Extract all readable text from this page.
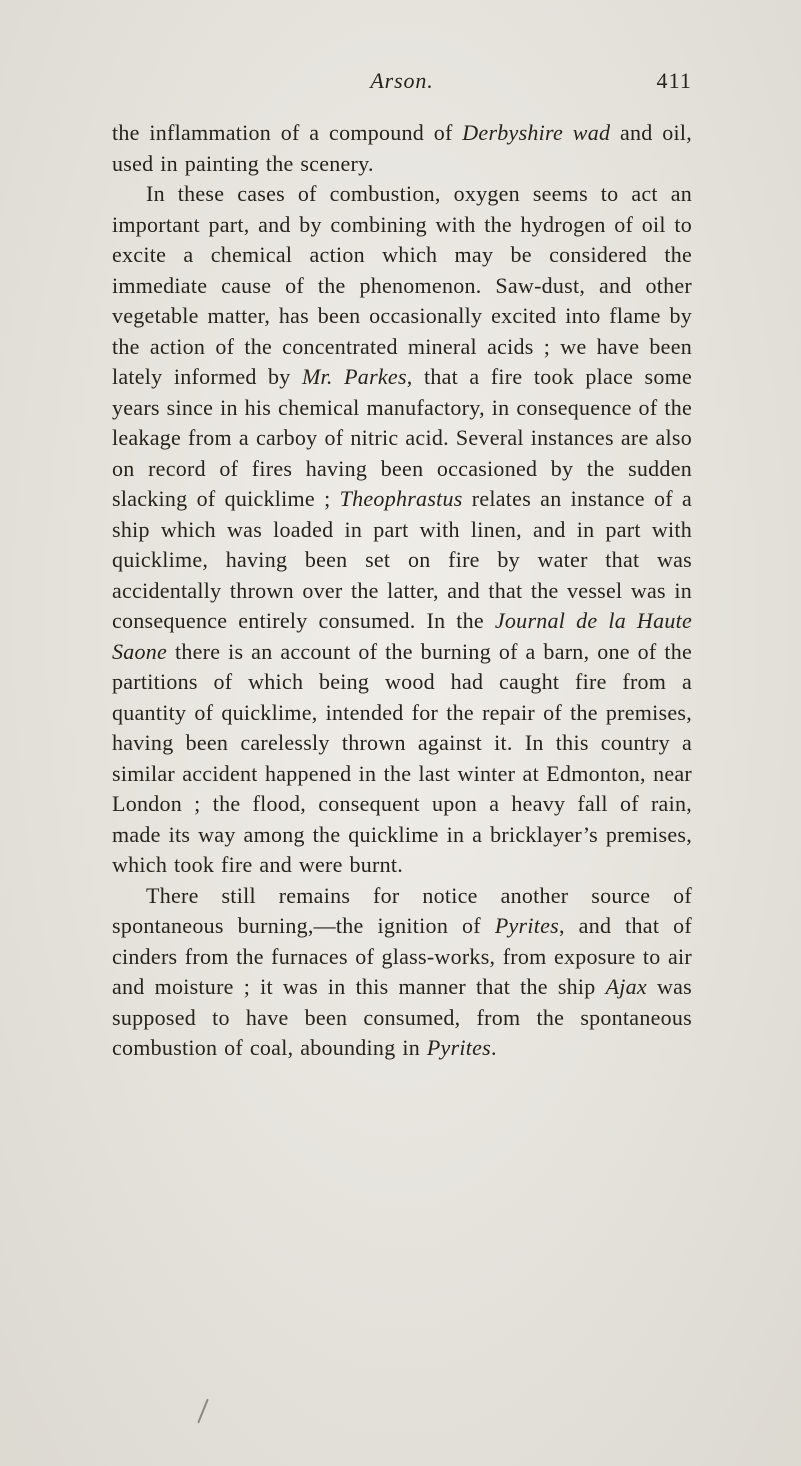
Arson.	411

the inflammation of a compound of Derbyshire wad and oil, used in painting the scenery.

In these cases of combustion, oxygen seems to act an important part, and by combining with the hydrogen of oil to excite a chemical action which may be considered the immediate cause of the phenomenon. Saw-dust, and other vegetable matter, has been occasionally excited into flame by the action of the concentrated mineral acids ; we have been lately informed by Mr. Parkes, that a fire took place some years since in his chemical manufactory, in consequence of the leakage from a carboy of nitric acid. Several instances are also on record of fires having been occasioned by the sudden slacking of quicklime ; Theophrastus relates an instance of a ship which was loaded in part with linen, and in part with quicklime, having been set on fire by water that was accidentally thrown over the latter, and that the vessel was in consequence entirely consumed. In the Journal de la Haute Saone there is an account of the burning of a barn, one of the partitions of which being wood had caught fire from a quantity of quicklime, intended for the repair of the premises, having been carelessly thrown against it. In this country a similar accident happened in the last winter at Edmonton, near London ; the flood, consequent upon a heavy fall of rain, made its way among the quicklime in a bricklayer’s premises, which took fire and were burnt.

There still remains for notice another source of spontaneous burning,—the ignition of Pyrites, and that of cinders from the furnaces of glass-works, from exposure to air and moisture ; it was in this manner that the ship Ajax was supposed to have been consumed, from the spontaneous combustion of coal, abounding in Pyrites.
